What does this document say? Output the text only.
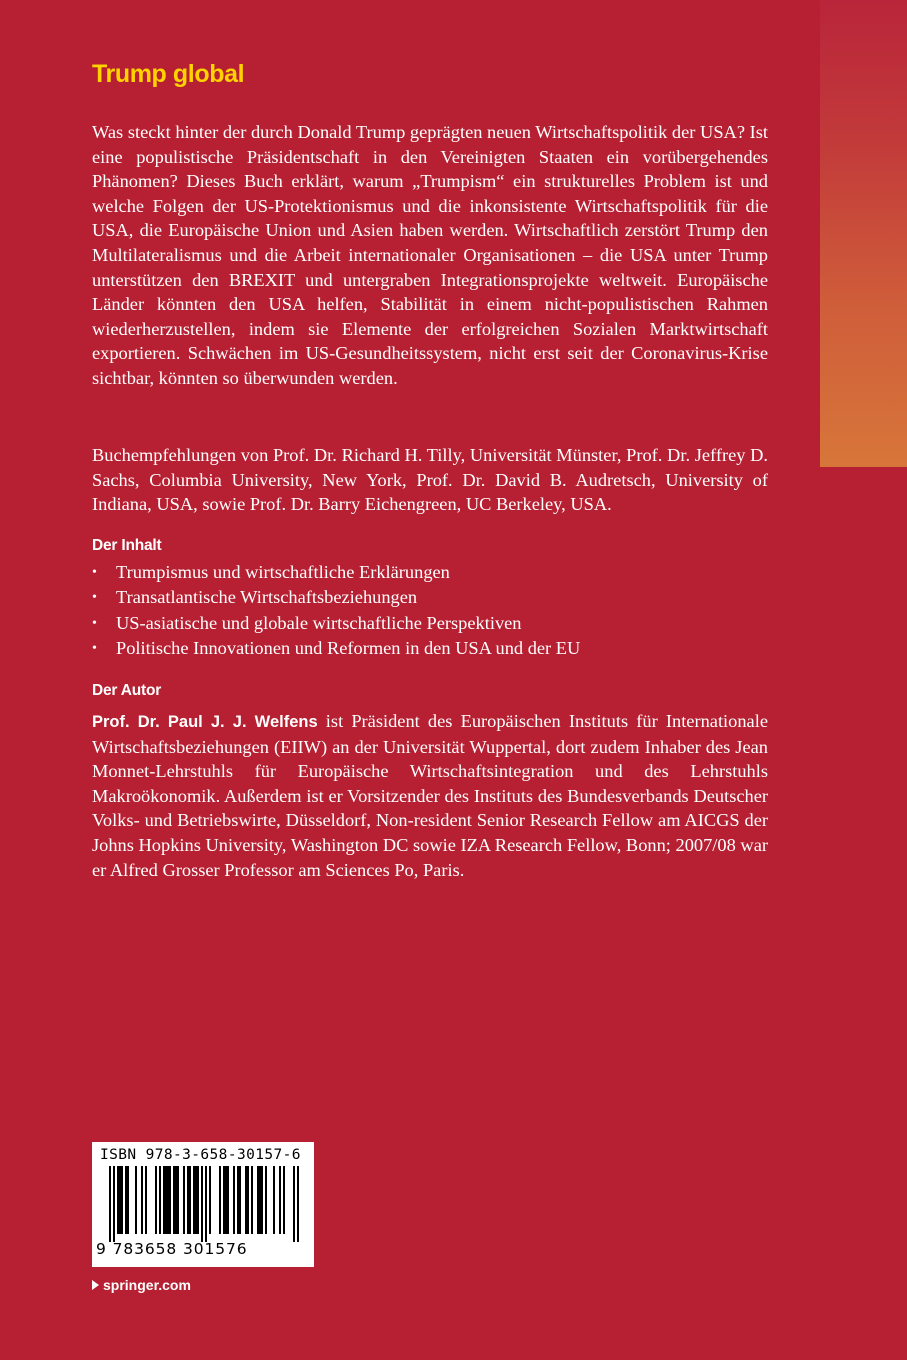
Trump global

Was steckt hinter der durch Donald Trump geprägten neuen Wirtschaftspolitik der USA? Ist eine populistische Präsidentschaft in den Vereinigten Staaten ein vorübergehendes Phänomen? Dieses Buch erklärt, warum „Trumpism“ ein strukturelles Problem ist und welche Folgen der US-Protektionismus und die inkonsistente Wirtschaftspolitik für die USA, die Europäische Union und Asien haben werden. Wirtschaftlich zerstört Trump den Multilateralismus und die Arbeit internationaler Organisationen – die USA unter Trump unterstützen den BREXIT und untergraben Integrationsprojekte weltweit. Europäische Länder könnten den USA helfen, Stabilität in einem nicht-populistischen Rahmen wiederherzustellen, indem sie Elemente der erfolgreichen Sozialen Marktwirtschaft exportieren. Schwächen im US-Gesundheitssystem, nicht erst seit der Coronavirus-Krise sichtbar, könnten so überwunden werden.

Buchempfehlungen von Prof. Dr. Richard H. Tilly, Universität Münster, Prof. Dr. Jeffrey D. Sachs, Columbia University, New York, Prof. Dr. David B. Audretsch, University of Indiana, USA, sowie Prof. Dr. Barry Eichengreen, UC Berkeley, USA.

Der Inhalt
• Trumpismus und wirtschaftliche Erklärungen
• Transatlantische Wirtschaftsbeziehungen
• US-asiatische und globale wirtschaftliche Perspektiven
• Politische Innovationen und Reformen in den USA und der EU
Der Autor

Prof. Dr. Paul J. J. Welfens ist Präsident des Europäischen Instituts für Internationale Wirtschaftsbeziehungen (EIIW) an der Universität Wuppertal, dort zudem Inhaber des Jean Monnet-Lehrstuhls für Europäische Wirtschaftsintegration und des Lehrstuhls Makroökonomik. Außerdem ist er Vorsitzender des Instituts des Bundesverbands Deutscher Volks- und Betriebswirte, Düsseldorf, Non-resident Senior Research Fellow am AICGS der Johns Hopkins University, Washington DC sowie IZA Research Fellow, Bonn; 2007/08 war er Alfred Grosser Professor am Sciences Po, Paris.

ISBN 978-3-658-30157-6
9 783658 301576
springer.com
